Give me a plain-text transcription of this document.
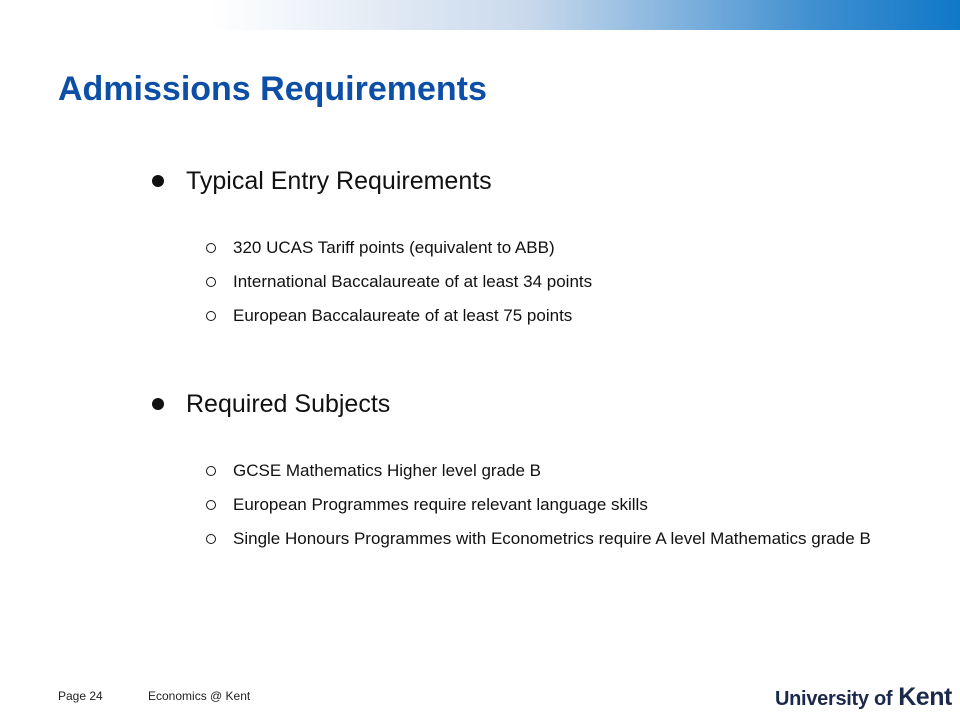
Admissions Requirements
Typical Entry Requirements
320 UCAS Tariff points (equivalent to ABB)
International Baccalaureate of at least 34 points
European Baccalaureate of at least 75 points
Required Subjects
GCSE Mathematics Higher level grade B
European Programmes require relevant language skills
Single Honours Programmes with Econometrics require A level Mathematics grade B
Page 24	Economics @ Kent	University of Kent
